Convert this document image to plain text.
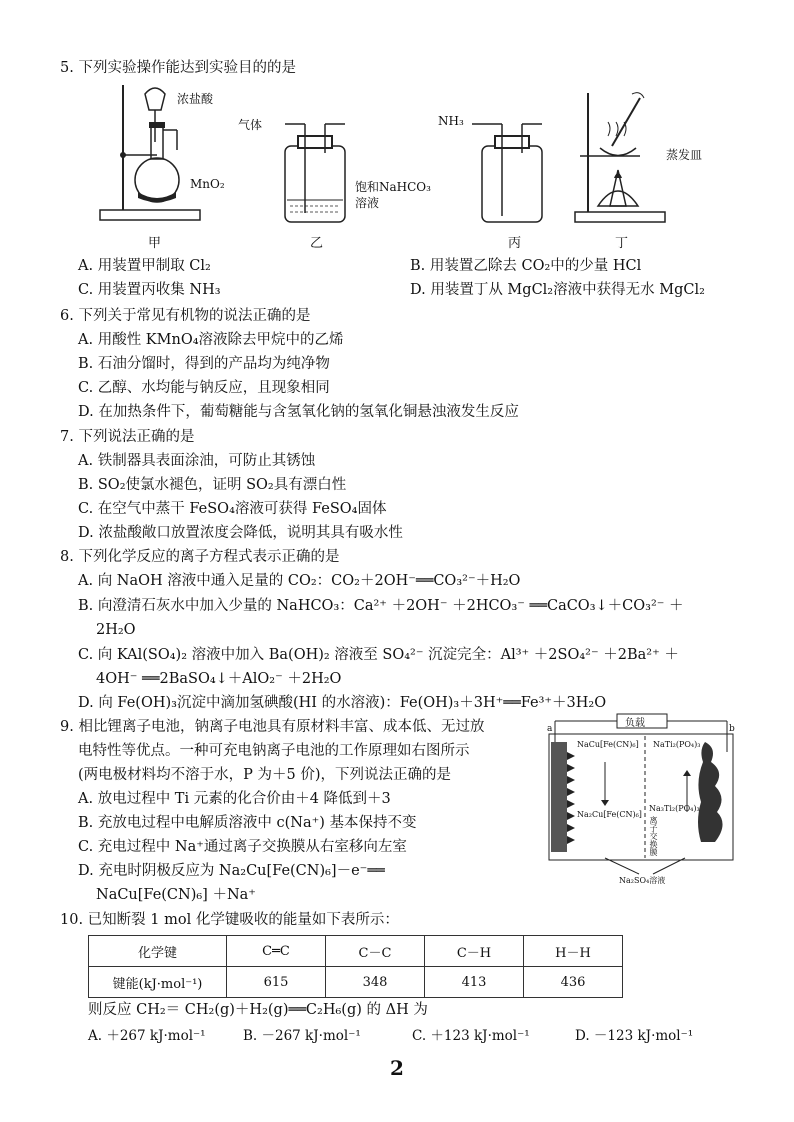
5. 下列实验操作能达到实验目的的是
浓盐酸
MnO₂
气体
饱和NaHCO₃
溶液
NH₃
蒸发皿
甲	乙	丙	丁
A. 用装置甲制取 Cl₂	B. 用装置乙除去 CO₂中的少量 HCl
C. 用装置丙收集 NH₃	D. 用装置丁从 MgCl₂溶液中获得无水 MgCl₂
6. 下列关于常见有机物的说法正确的是
A. 用酸性 KMnO₄溶液除去甲烷中的乙烯
B. 石油分馏时，得到的产品均为纯净物
C. 乙醇、水均能与钠反应，且现象相同
D. 在加热条件下，葡萄糖能与含氢氧化钠的氢氧化铜悬浊液发生反应
7. 下列说法正确的是
A. 铁制器具表面涂油，可防止其锈蚀
B. SO₂使氯水褪色，证明 SO₂具有漂白性
C. 在空气中蒸干 FeSO₄溶液可获得 FeSO₄固体
D. 浓盐酸敞口放置浓度会降低，说明其具有吸水性
8. 下列化学反应的离子方程式表示正确的是
A. 向 NaOH 溶液中通入足量的 CO₂：CO₂＋2OH⁻══CO₃²⁻＋H₂O
B. 向澄清石灰水中加入少量的 NaHCO₃：Ca²⁺ ＋2OH⁻ ＋2HCO₃⁻ ══CaCO₃↓＋CO₃²⁻ ＋
2H₂O
C. 向 KAl(SO₄)₂ 溶液中加入 Ba(OH)₂ 溶液至 SO₄²⁻ 沉淀完全：Al³⁺ ＋2SO₄²⁻ ＋2Ba²⁺ ＋
4OH⁻ ══2BaSO₄↓＋AlO₂⁻ ＋2H₂O
D. 向 Fe(OH)₃沉淀中滴加氢碘酸(HI 的水溶液)：Fe(OH)₃＋3H⁺══Fe³⁺＋3H₂O
9. 相比锂离子电池，钠离子电池具有原材料丰富、成本低、无过放
电特性等优点。一种可充电钠离子电池的工作原理如右图所示
(两电极材料均不溶于水，P 为＋5 价)，下列说法正确的是
A. 放电过程中 Ti 元素的化合价由＋4 降低到＋3
B. 充放电过程中电解质溶液中 c(Na⁺) 基本保持不变
C. 充电过程中 Na⁺通过离子交换膜从右室移向左室
D. 充电时阴极反应为 Na₂Cu[Fe(CN)₆]－e⁻══
NaCu[Fe(CN)₆] ＋Na⁺
负载
a	b
NaCu[Fe(CN)₆]
Na₂Cu[Fe(CN)₆]
NaTi₂(PO₄)₃
Na₃Ti₂(PO₄)₃
离子交换膜
Na₂SO₄溶液
10. 已知断裂 1 mol 化学键吸收的能量如下表所示：
化学键	C═C	C－C	C－H	H－H
键能(kJ·mol⁻¹)	615	348	413	436
则反应 CH₂＝ CH₂(g)＋H₂(g)══C₂H₆(g) 的 ΔH 为
A. ＋267 kJ·mol⁻¹	B. －267 kJ·mol⁻¹	C. ＋123 kJ·mol⁻¹	D. －123 kJ·mol⁻¹
2
